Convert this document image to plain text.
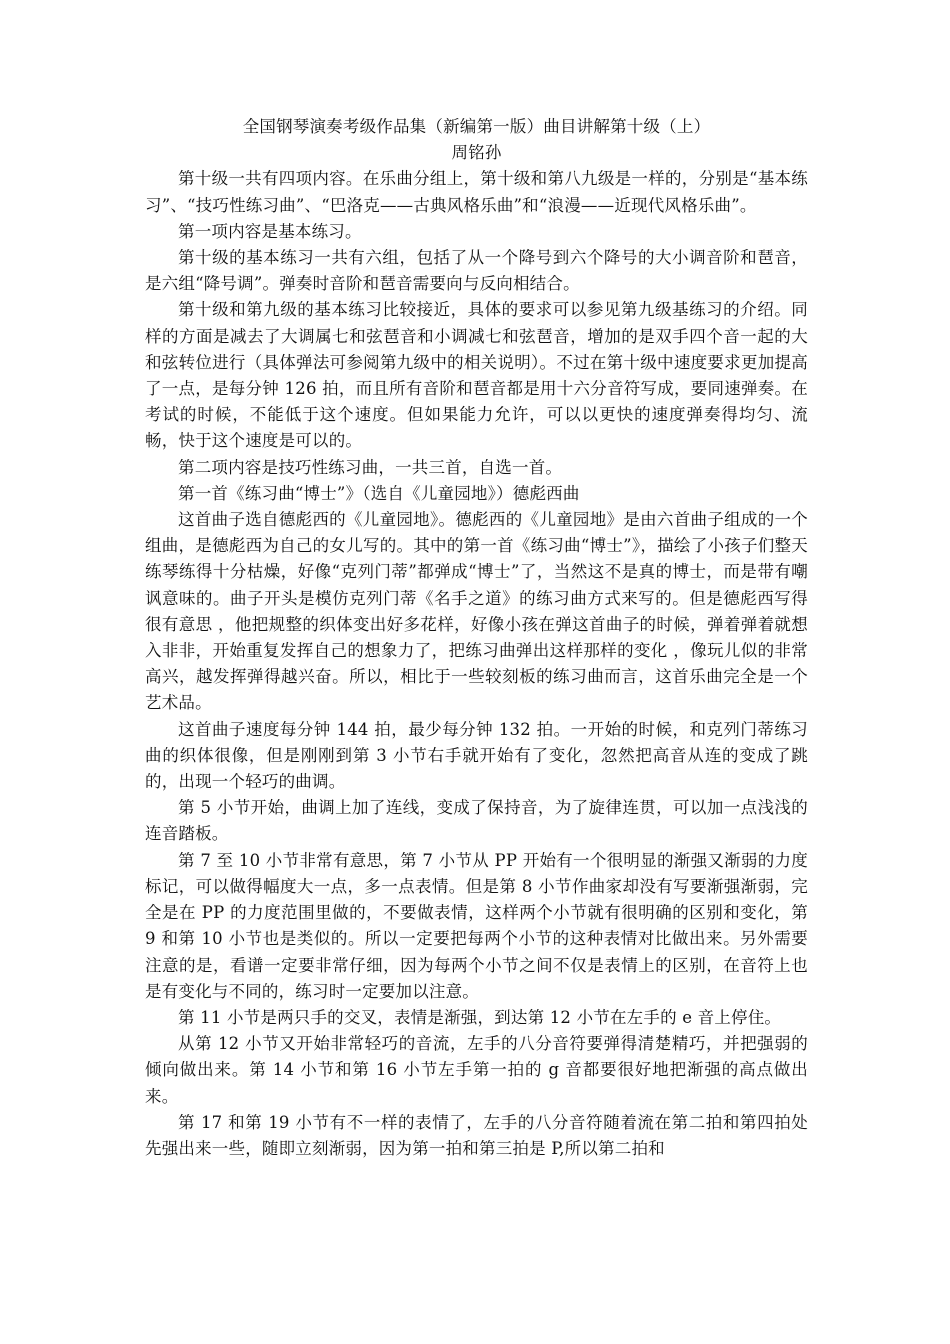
全国钢琴演奏考级作品集（新编第一版）曲目讲解第十级（上）
周铭孙

第十级一共有四项内容。在乐曲分组上，第十级和第八九级是一样的，分别是“基本练习”、“技巧性练习曲”、“巴洛克——古典风格乐曲”和“浪漫——近现代风格乐曲”。

第一项内容是基本练习。

第十级的基本练习一共有六组，包括了从一个降号到六个降号的大小调音阶和琶音，是六组“降号调”。弹奏时音阶和琶音需要向与反向相结合。

第十级和第九级的基本练习比较接近，具体的要求可以参见第九级基练习的介绍。同样的方面是减去了大调属七和弦琶音和小调减七和弦琶音，增加的是双手四个音一起的大和弦转位进行（具体弹法可参阅第九级中的相关说明）。不过在第十级中速度要求更加提高了一点，是每分钟 126 拍，而且所有音阶和琶音都是用十六分音符写成，要同速弹奏。在考试的时候，不能低于这个速度。但如果能力允许，可以以更快的速度弹奏得均匀、流畅，快于这个速度是可以的。

第二项内容是技巧性练习曲，一共三首，自选一首。

第一首《练习曲“博士”》（选自《儿童园地》）德彪西曲

这首曲子选自德彪西的《儿童园地》。德彪西的《儿童园地》是由六首曲子组成的一个组曲，是德彪西为自己的女儿写的。其中的第一首《练习曲“博士”》，描绘了小孩子们整天练琴练得十分枯燥，好像“克列门蒂”都弹成“博士”了，当然这不是真的博士，而是带有嘲讽意味的。曲子开头是模仿克列门蒂《名手之道》的练习曲方式来写的。但是德彪西写得很有意思 ，他把规整的织体变出好多花样，好像小孩在弹这首曲子的时候，弹着弹着就想入非非，开始重复发挥自己的想象力了，把练习曲弹出这样那样的变化 ，像玩儿似的非常高兴，越发挥弹得越兴奋。所以，相比于一些较刻板的练习曲而言，这首乐曲完全是一个艺术品。

这首曲子速度每分钟 144 拍，最少每分钟 132 拍。一开始的时候，和克列门蒂练习曲的织体很像，但是刚刚到第 3 小节右手就开始有了变化，忽然把高音从连的变成了跳的，出现一个轻巧的曲调。

第 5 小节开始，曲调上加了连线，变成了保持音，为了旋律连贯，可以加一点浅浅的连音踏板。

第 7 至 10 小节非常有意思，第 7 小节从 PP 开始有一个很明显的渐强又渐弱的力度标记，可以做得幅度大一点，多一点表情。但是第 8 小节作曲家却没有写要渐强渐弱，完全是在 PP 的力度范围里做的，不要做表情，这样两个小节就有很明确的区别和变化，第 9 和第 10 小节也是类似的。所以一定要把每两个小节的这种表情对比做出来。另外需要注意的是，看谱一定要非常仔细，因为每两个小节之间不仅是表情上的区别，在音符上也是有变化与不同的，练习时一定要加以注意。

第 11 小节是两只手的交叉，表情是渐强，到达第 12 小节在左手的 e 音上停住。

从第 12 小节又开始非常轻巧的音流，左手的八分音符要弹得清楚精巧，并把强弱的倾向做出来。第 14 小节和第 16 小节左手第一拍的 g 音都要很好地把渐强的高点做出来。

第 17 和第 19 小节有不一样的表情了，左手的八分音符随着流在第二拍和第四拍处先强出来一些，随即立刻渐弱，因为第一拍和第三拍是 P,所以第二拍和
